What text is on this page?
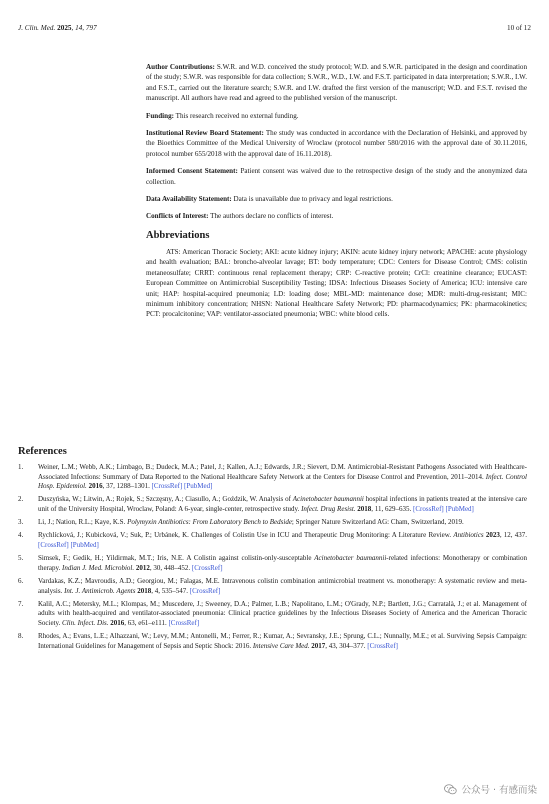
J. Clin. Med. 2025, 14, 797	10 of 12

Author Contributions: S.W.R. and W.D. conceived the study protocol; W.D. and S.W.R. participated in the design and coordination of the study; S.W.R. was responsible for data collection; S.W.R., W.D., I.W. and F.S.T. participated in data interpretation; S.W.R., I.W. and F.S.T., carried out the literature search; S.W.R. and I.W. drafted the first version of the manuscript; W.D. and F.S.T. revised the manuscript. All authors have read and agreed to the published version of the manuscript.

Funding: This research received no external funding.

Institutional Review Board Statement: The study was conducted in accordance with the Declaration of Helsinki, and approved by the Bioethics Committee of the Medical University of Wroclaw (protocol number 580/2016 with the approval date of 30.11.2016, protocol number 655/2018 with the approval date of 16.11.2018).

Informed Consent Statement: Patient consent was waived due to the retrospective design of the study and the anonymized data collection.

Data Availability Statement: Data is unavailable due to privacy and legal restrictions.

Conflicts of Interest: The authors declare no conflicts of interest.

Abbreviations

ATS: American Thoracic Society; AKI: acute kidney injury; AKIN: acute kidney injury network; APACHE: acute physiology and health evaluation; BAL: broncho-alveolar lavage; BT: body temperature; CDC: Centers for Disease Control; CMS: colistin metaneosulfate; CRRT: continuous renal replacement therapy; CRP: C-reactive protein; CrCl: creatinine clearance; EUCAST: European Committee on Antimicrobial Susceptibility Testing; IDSA: Infectious Diseases Society of America; ICU: intensive care unit; HAP: hospital-acquired pneumonia; LD: loading dose; MBL-MD: maintenance dose; MDR: multi-drug-resistant; MIC: minimum inhibitory concentration; NHSN: National Healthcare Safety Network; PD: pharmacodynamics; PK: pharmacokinetics; PCT: procalcitonine; VAP: ventilator-associated pneumonia; WBC: white blood cells.

References
1.	Weiner, L.M.; Webb, A.K.; Limbago, B.; Dudeck, M.A.; Patel, J.; Kallen, A.J.; Edwards, J.R.; Sievert, D.M. Antimicrobial-Resistant Pathogens Associated with Healthcare-Associated Infections: Summary of Data Reported to the National Healthcare Safety Network at the Centers for Disease Control and Prevention, 2011–2014. Infect. Control Hosp. Epidemiol. 2016, 37, 1288–1301. [CrossRef] [PubMed]
2.	Duszyńska, W.; Litwin, A.; Rojek, S.; Szczęsny, A.; Ciasullo, A.; Goździk, W. Analysis of Acinetobacter baumannii hospital infections in patients treated at the intensive care unit of the University Hospital, Wroclaw, Poland: A 6-year, single-center, retrospective study. Infect. Drug Resist. 2018, 11, 629–635. [CrossRef] [PubMed]
3.	Li, J.; Nation, R.L.; Kaye, K.S. Polymyxin Antibiotics: From Laboratory Bench to Bedside; Springer Nature Switzerland AG: Cham, Switzerland, 2019.
4.	Rychlícková, J.; Kubicková, V.; Suk, P.; Urbánek, K. Challenges of Colistin Use in ICU and Therapeutic Drug Monitoring: A Literature Review. Antibiotics 2023, 12, 437. [CrossRef] [PubMed]
5.	Simsek, F.; Gedik, H.; Yildirmak, M.T.; Iris, N.E. A Colistin against colistin-only-susceptable Acinetobacter baumannii-related infections: Monotherapy or combination therapy. Indian J. Med. Microbiol. 2012, 30, 448–452. [CrossRef]
6.	Vardakas, K.Z.; Mavroudis, A.D.; Georgiou, M.; Falagas, M.E. Intravenous colistin combination antimicrobial treatment vs. monotherapy: A systematic review and meta-analysis. Int. J. Antimicrob. Agents 2018, 4, 535–547. [CrossRef]
7.	Kalil, A.C.; Metersky, M.L.; Klompas, M.; Muscedere, J.; Sweeney, D.A.; Palmer, L.B.; Napolitano, L.M.; O'Grady, N.P.; Bartlett, J.G.; Carratalà, J.; et al. Management of adults with health-acquired and ventilator-associated pneumonia: Clinical practice guidelines by the Infectious Diseases Society of America and the American Thoracic Society. Clin. Infect. Dis. 2016, 63, e61–e111. [CrossRef]
8.	Rhodes, A.; Evans, L.E.; Alhazzani, W.; Levy, M.M.; Antonelli, M.; Ferrer, R.; Kumar, A.; Sevransky, J.E.; Sprung, C.L.; Nunnally, M.E.; et al. Surviving Sepsis Campaign: International Guidelines for Management of Sepsis and Septic Shock: 2016. Intensive Care Med. 2017, 43, 304–377. [CrossRef]
公众号 · 有感而染
